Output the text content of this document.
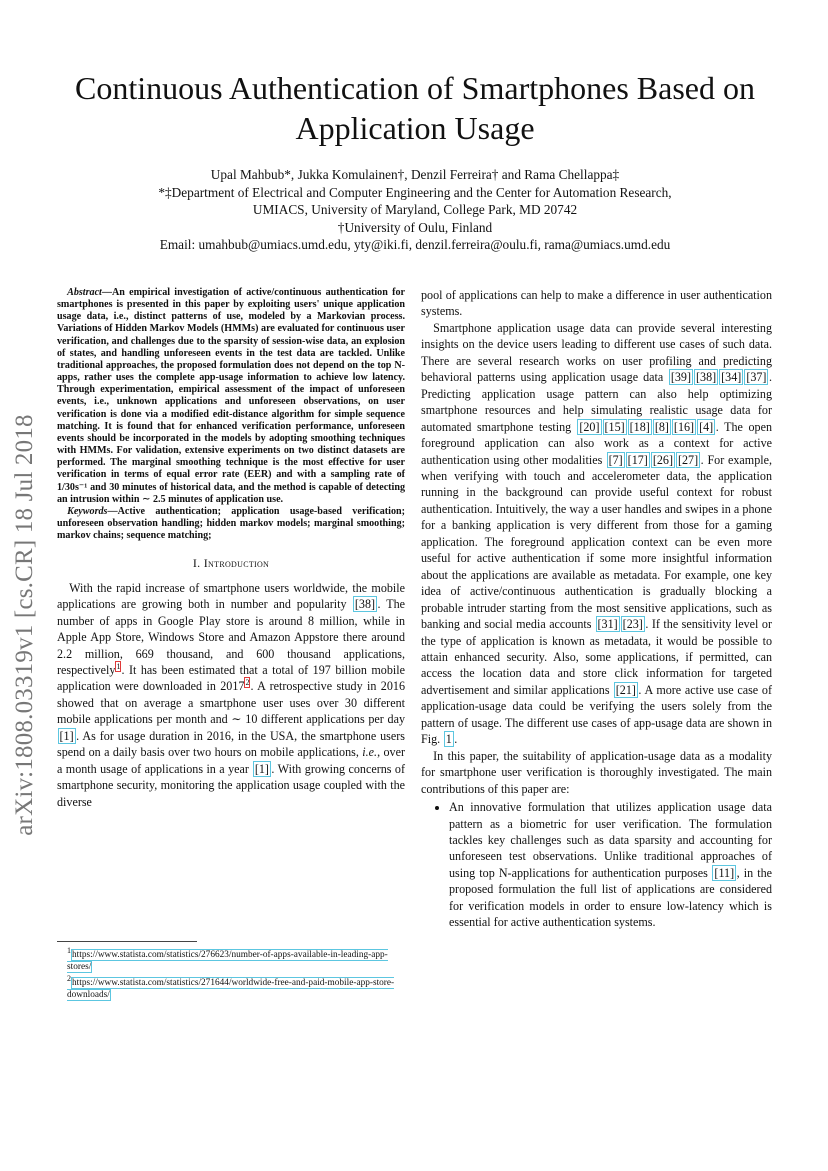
arXiv:1808.03319v1 [cs.CR] 18 Jul 2018
Continuous Authentication of Smartphones Based on Application Usage
Upal Mahbub*, Jukka Komulainen†, Denzil Ferreira† and Rama Chellappa‡
*‡Department of Electrical and Computer Engineering and the Center for Automation Research,
UMIACS, University of Maryland, College Park, MD 20742
†University of Oulu, Finland
Email: umahbub@umiacs.umd.edu, yty@iki.fi, denzil.ferreira@oulu.fi, rama@umiacs.umd.edu

Abstract—An empirical investigation of active/continuous authentication for smartphones is presented in this paper by exploiting users' unique application usage data, i.e., distinct patterns of use, modeled by a Markovian process. Variations of Hidden Markov Models (HMMs) are evaluated for continuous user verification, and challenges due to the sparsity of session-wise data, an explosion of states, and handling unforeseen events in the test data are tackled. Unlike traditional approaches, the proposed formulation does not depend on the top N-apps, rather uses the complete app-usage information to achieve low latency. Through experimentation, empirical assessment of the impact of unforeseen events, i.e., unknown applications and unforeseen observations, on user verification is done via a modified edit-distance algorithm for simple sequence matching. It is found that for enhanced verification performance, unforeseen events should be incorporated in the models by adopting smoothing techniques with HMMs. For validation, extensive experiments on two distinct datasets are performed. The marginal smoothing technique is the most effective for user verification in terms of equal error rate (EER) and with a sampling rate of 1/30s⁻¹ and 30 minutes of historical data, and the method is capable of detecting an intrusion within ∼ 2.5 minutes of application use.

Keywords—Active authentication; application usage-based verification; unforeseen observation handling; hidden markov models; marginal smoothing; markov chains; sequence matching;

I. Introduction

With the rapid increase of smartphone users worldwide, the mobile applications are growing both in number and popularity [38] . The number of apps in Google Play store is around 8 million, while in Apple App Store, Windows Store and Amazon Appstore there around 2.2 million, 669 thousand, and 600 thousand applications, respectively$^1$. It has been estimated that a total of 197 billion mobile application were downloaded in 2017$^2$. A retrospective study in 2016 showed that on average a smartphone user uses over 30 different mobile applications per month and ∼ 10 different applications per day [1] . As for usage duration in 2016, in the USA, the smartphone users spend on a daily basis over two hours on mobile applications, i.e., over a month usage of applications in a year [1] . With growing concerns of smartphone security, monitoring the application usage coupled with the diverse

$^1$https://www.statista.com/statistics/276623/number-of-apps-available-in-leading-app-stores/
$^2$https://www.statista.com/statistics/271644/worldwide-free-and-paid-mobile-app-store-downloads/

pool of applications can help to make a difference in user authentication systems.

Smartphone application usage data can provide several interesting insights on the device users leading to different use cases of such data. There are several research works on user profiling and predicting behavioral patterns using application usage data [39] [38] [34] [37] . Predicting application usage pattern can also help optimizing smartphone resources and help simulating realistic usage data for automated smartphone testing [20] [15] [18] [8] [16] [4] . The open foreground application can also work as a context for active authentication using other modalities [7] [17] [26] [27] . For example, when verifying with touch and accelerometer data, the application running in the background can provide useful context for robust authentication. Intuitively, the way a user handles and swipes in a phone for a banking application is very different from those for a gaming application. The foreground application context can be even more useful for active authentication if some more insightful information about the applications are available as metadata. For example, one key idea of active/continuous authentication is gradually blocking a probable intruder starting from the most sensitive applications, such as banking and social media accounts [31] [23] . If the sensitivity level or the type of application is known as metadata, it would be possible to attain enhanced security. Also, some applications, if permitted, can access the location data and store click information for targeted advertisement and similar applications [21] . A more active use case of application-usage data could be verifying the users solely from the pattern of usage. The different use cases of app-usage data are shown in Fig. 1 .

In this paper, the suitability of application-usage data as a modality for smartphone user verification is thoroughly investigated. The main contributions of this paper are:

• An innovative formulation that utilizes application usage data pattern as a biometric for user verification. The formulation tackles key challenges such as data sparsity and accounting for unforeseen test observations. Unlike traditional approaches of using top N-applications for authentication purposes [11] , in the proposed formulation the full list of applications are considered for verification models in order to ensure low-latency which is essential for active authentication systems.
